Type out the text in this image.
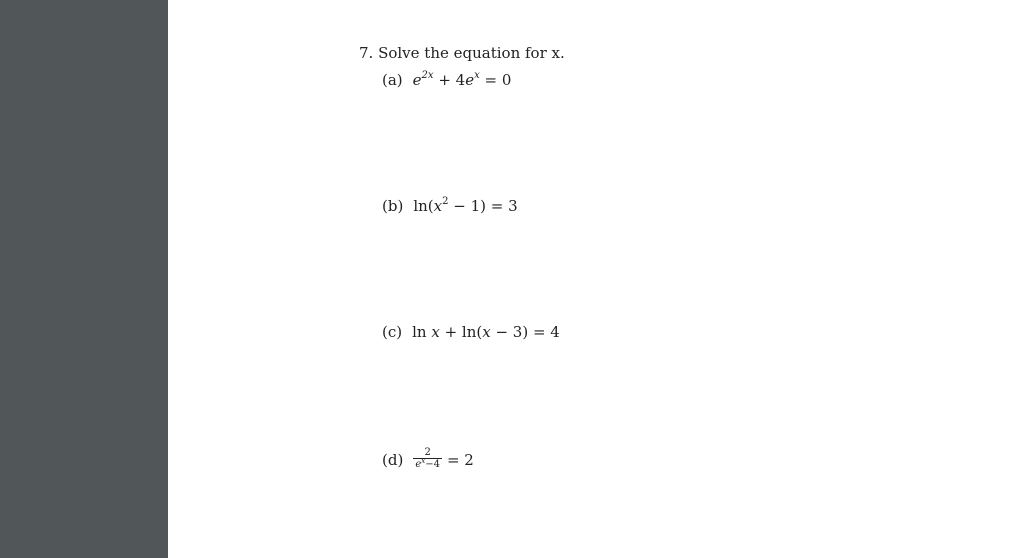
7. Solve the equation for x.
(a) $e^{2x} + 4e^x = 0$
(b) $\ln(x^2 - 1) = 3$
(c) ln x + ln(x − 3) = 4
$(d) \frac{2}{e^x-4} = 2$
